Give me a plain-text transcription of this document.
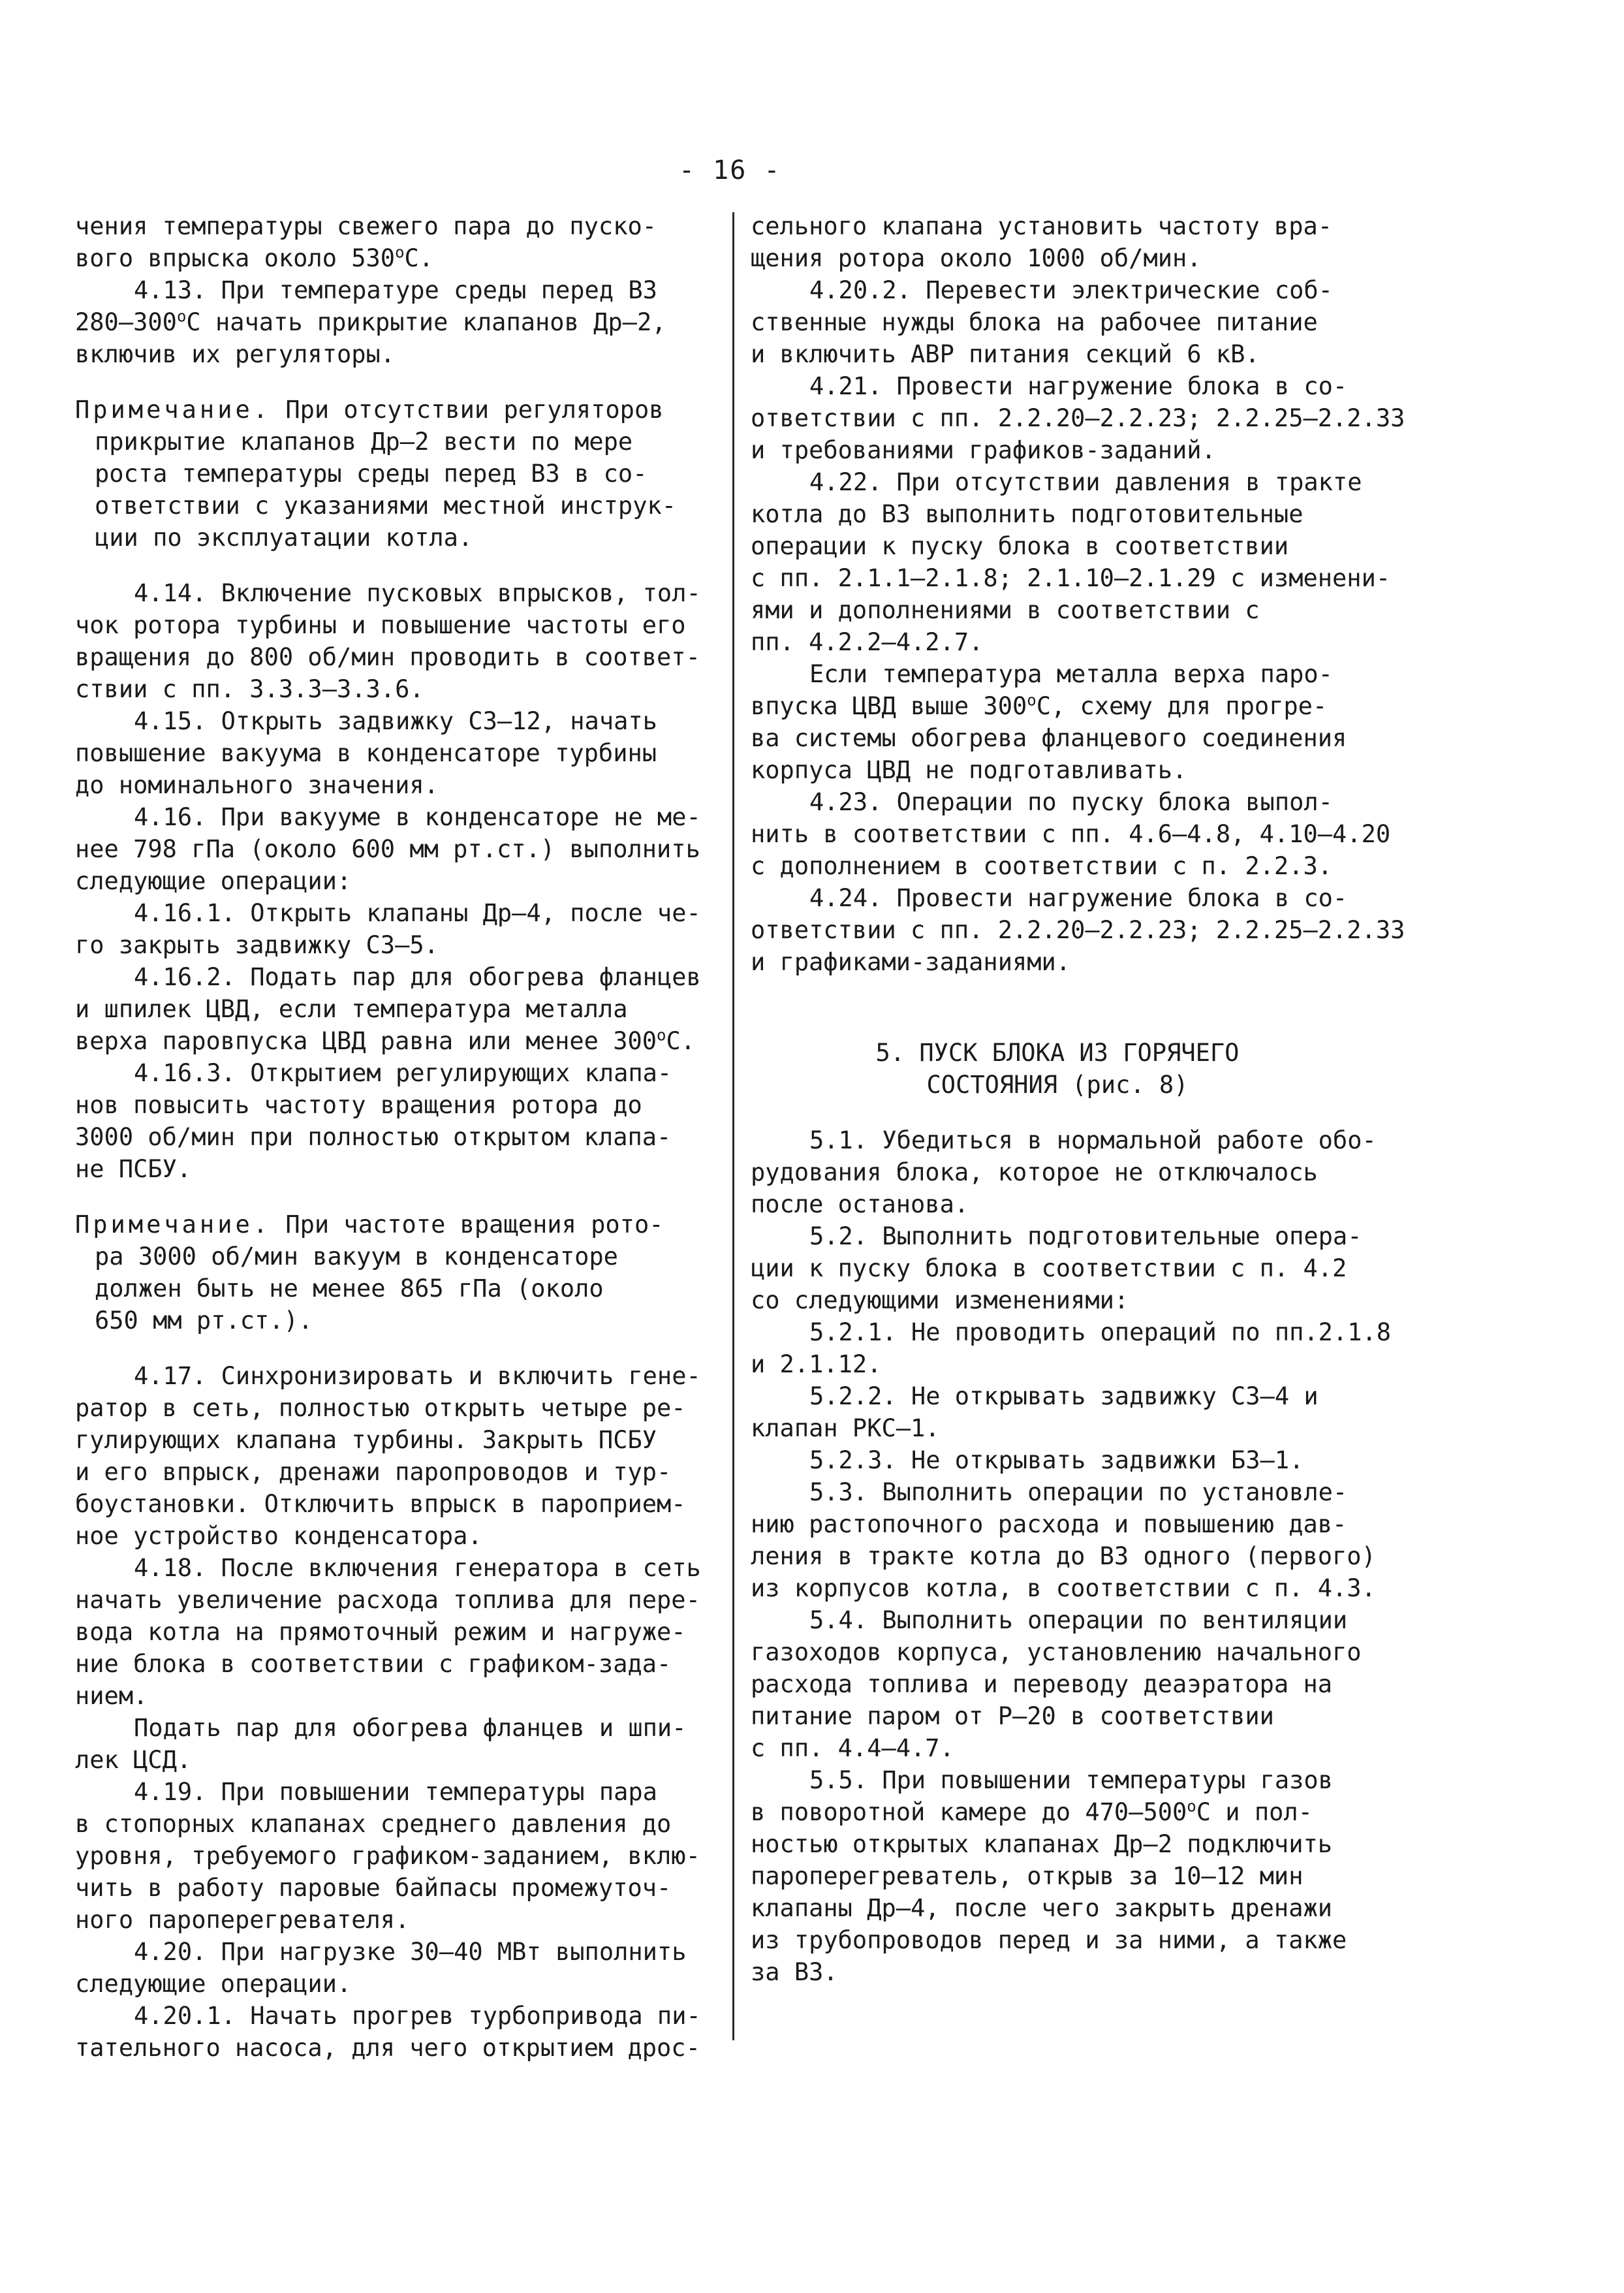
- 16 -
чения температуры свежего пара до пуско-
вого впрыска около 530$^o$С.
4.13. При температуре среды перед В3
280–300$^o$С начать прикрытие клапанов Др–2,
включив их регуляторы.
Примечание. При отсутствии регуляторов
прикрытие клапанов Др–2 вести по мере
роста температуры среды перед В3 в со-
ответствии с указаниями местной инструк-
ции по эксплуатации котла.
4.14. Включение пусковых впрысков, тол-
чок ротора турбины и повышение частоты его
вращения до 800 об/мин проводить в соответ-
ствии с пп. 3.3.3–3.3.6.
4.15. Открыть задвижку С3–12, начать
повышение вакуума в конденсаторе турбины
до номинального значения.
4.16. При вакууме в конденсаторе не ме-
нее 798 гПа (около 600 мм рт.ст.) выполнить
следующие операции:
4.16.1. Открыть клапаны Др–4, после че-
го закрыть задвижку С3–5.
4.16.2. Подать пар для обогрева фланцев
и шпилек ЦВД, если температура металла
верха паровпуска ЦВД равна или менее 300$^o$С.
4.16.3. Открытием регулирующих клапа-
нов повысить частоту вращения ротора до
3000 об/мин при полностью открытом клапа-
не ПСБУ.
Примечание. При частоте вращения рото-
ра 3000 об/мин вакуум в конденсаторе
должен быть не менее 865 гПа (около
650 мм рт.ст.).
4.17. Синхронизировать и включить гене-
ратор в сеть, полностью открыть четыре ре-
гулирующих клапана турбины. Закрыть ПСБУ
и его впрыск, дренажи паропроводов и тур-
боустановки. Отключить впрыск в пароприем-
ное устройство конденсатора.
4.18. После включения генератора в сеть
начать увеличение расхода топлива для пере-
вода котла на прямоточный режим и нагруже-
ние блока в соответствии с графиком-зада-
нием.
Подать пар для обогрева фланцев и шпи-
лек ЦСД.
4.19. При повышении температуры пара
в стопорных клапанах среднего давления до
уровня, требуемого графиком-заданием, вклю-
чить в работу паровые байпасы промежуточ-
ного пароперегревателя.
4.20. При нагрузке 30–40 МВт выполнить
следующие операции.
4.20.1. Начать прогрев турбопривода пи-
тательного насоса, для чего открытием дрос-
сельного клапана установить частоту вра-
щения ротора около 1000 об/мин.
4.20.2. Перевести электрические соб-
ственные нужды блока на рабочее питание
и включить АВР питания секций 6 кВ.
4.21. Провести нагружение блока в со-
ответствии с пп. 2.2.20–2.2.23; 2.2.25–2.2.33
и требованиями графиков-заданий.
4.22. При отсутствии давления в тракте
котла до В3 выполнить подготовительные
операции к пуску блока в соответствии
с пп. 2.1.1–2.1.8; 2.1.10–2.1.29 с изменени-
ями и дополнениями в соответствии с
пп. 4.2.2–4.2.7.
Если температура металла верха паро-
впуска ЦВД выше 300$^o$С, схему для прогре-
ва системы обогрева фланцевого соединения
корпуса ЦВД не подготавливать.
4.23. Операции по пуску блока выпол-
нить в соответствии с пп. 4.6–4.8, 4.10–4.20
с дополнением в соответствии с п. 2.2.3.
4.24. Провести нагружение блока в со-
ответствии с пп. 2.2.20–2.2.23; 2.2.25–2.2.33
и графиками-заданиями.
5. ПУСК БЛОКА ИЗ ГОРЯЧЕГО
СОСТОЯНИЯ (рис. 8)
5.1. Убедиться в нормальной работе обо-
рудования блока, которое не отключалось
после останова.
5.2. Выполнить подготовительные опера-
ции к пуску блока в соответствии с п. 4.2
со следующими изменениями:
5.2.1. Не проводить операций по пп.2.1.8
и 2.1.12.
5.2.2. Не открывать задвижку С3–4 и
клапан РКС–1.
5.2.3. Не открывать задвижки Б3–1.
5.3. Выполнить операции по установле-
нию растопочного расхода и повышению дав-
ления в тракте котла до В3 одного (первого)
из корпусов котла, в соответствии с п. 4.3.
5.4. Выполнить операции по вентиляции
газоходов корпуса, установлению начального
расхода топлива и переводу деаэратора на
питание паром от Р–20 в соответствии
с пп. 4.4–4.7.
5.5. При повышении температуры газов
в поворотной камере до 470–500$^o$С и пол-
ностью открытых клапанах Др–2 подключить
пароперегреватель, открыв за 10–12 мин
клапаны Др–4, после чего закрыть дренажи
из трубопроводов перед и за ними, а также
за В3.
